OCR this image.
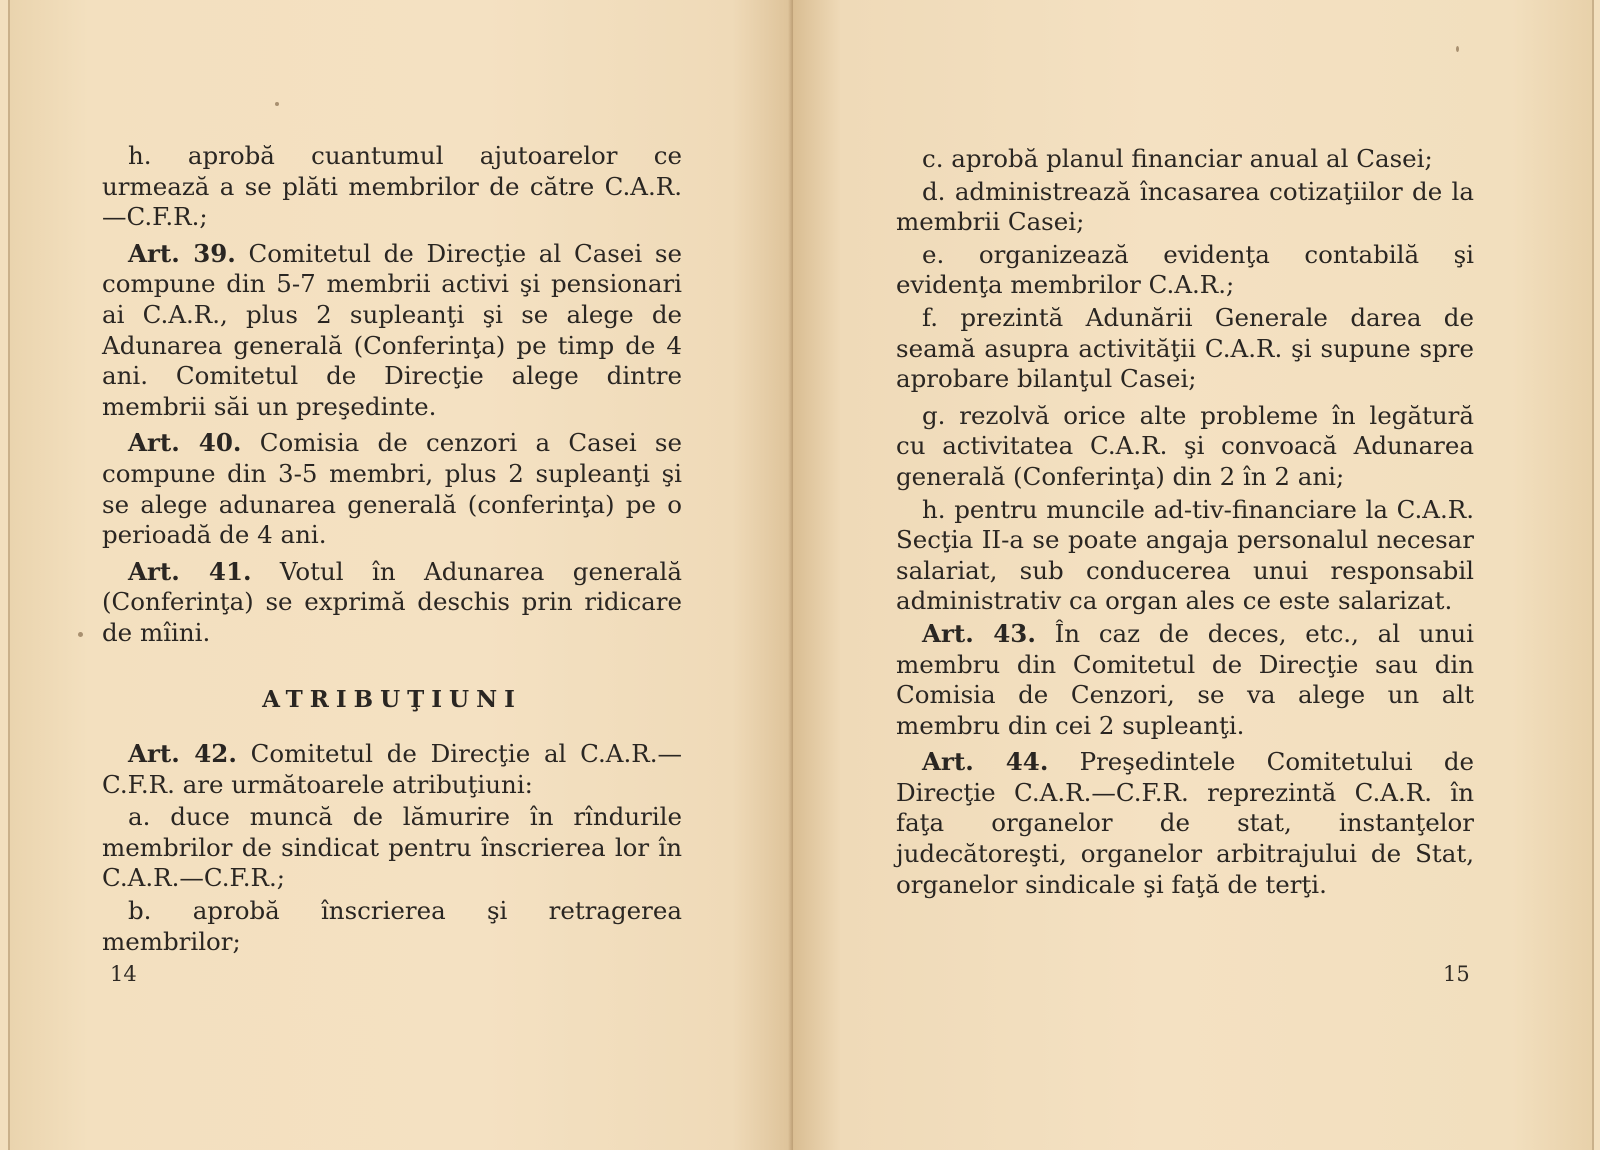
h. aprobă cuantumul ajutoarelor ce urmează a se plăti membrilor de către C.A.R.—C.F.R.;

Art. 39. Comitetul de Direcţie al Casei se compune din 5-7 membrii activi şi pensionari ai C.A.R., plus 2 supleanţi şi se alege de Adunarea generală (Conferinţa) pe timp de 4 ani. Comitetul de Direcţie alege dintre membrii săi un preşedinte.

Art. 40. Comisia de cenzori a Casei se compune din 3-5 membri, plus 2 supleanţi şi se alege adunarea generală (conferinţa) pe o perioadă de 4 ani.

Art. 41. Votul în Adunarea generală (Conferinţa) se exprimă deschis prin ridicare de mîini.

ATRIBUŢIUNI

Art. 42. Comitetul de Direcţie al C.A.R.—C.F.R. are următoarele atribuţiuni:

a. duce muncă de lămurire în rîndurile membrilor de sindicat pentru înscrierea lor în C.A.R.—C.F.R.;

b. aprobă înscrierea şi retragerea membrilor;

14

c. aprobă planul financiar anual al Casei;

d. administrează încasarea cotizaţiilor de la membrii Casei;

e. organizează evidenţa contabilă şi evidenţa membrilor C.A.R.;

f. prezintă Adunării Generale darea de seamă asupra activităţii C.A.R. şi supune spre aprobare bilanţul Casei;

g. rezolvă orice alte probleme în legătură cu activitatea C.A.R. şi convoacă Adunarea generală (Conferinţa) din 2 în 2 ani;

h. pentru muncile ad-tiv-financiare la C.A.R. Secţia II-a se poate angaja personalul necesar salariat, sub conducerea unui responsabil administrativ ca organ ales ce este salarizat.

Art. 43. În caz de deces, etc., al unui membru din Comitetul de Direcţie sau din Comisia de Cenzori, se va alege un alt membru din cei 2 supleanţi.

Art. 44. Preşedintele Comitetului de Direcţie C.A.R.—C.F.R. reprezintă C.A.R. în faţa organelor de stat, instanţelor judecătoreşti, organelor arbitrajului de Stat, organelor sindicale şi faţă de terţi.

15
